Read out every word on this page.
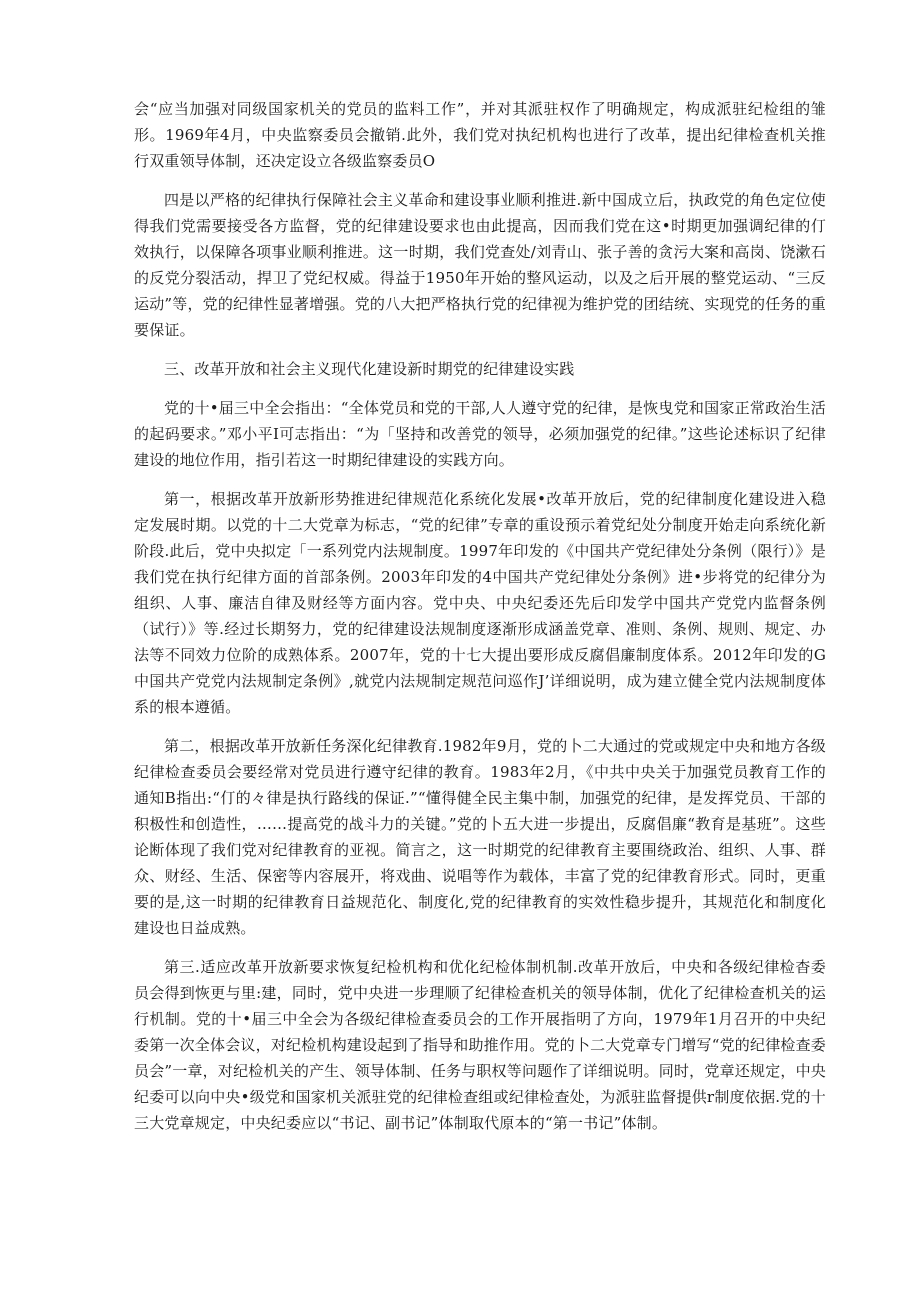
会“应当加强对同级国家机关的党员的监料工作”，并对其派驻权作了明确规定，构成派驻纪检组的雏形。1969年4月，中央监察委员会撤销.此外，我们党对执纪机构也进行了改革，提出纪律检查机关推行双重领导体制，还决定设立各级监察委员O

四是以严格的纪律执行保障社会主义革命和建设事业顺利推进.新中国成立后，执政党的角色定位使得我们党需要接受各方监督，党的纪律建设要求也由此提高，因而我们党在这•时期更加强调纪律的仃效执行，以保障各项事业顺利推进。这一时期，我们党查处/刘青山、张子善的贪污大案和高岗、饶漱石的反党分裂活动，捍卫了党纪权威。得益于1950年开始的整风运动，以及之后开展的整党运动、“三反运动”等，党的纪律性显著增强。党的八大把严格执行党的纪律视为维护党的团结统、实现党的任务的重要保证。

三、改革开放和社会主义现代化建设新时期党的纪律建设实践

党的十•届三中全会指出：“全体党员和党的干部,人人遵守党的纪律，是恢曳党和国家正常政治生活的起码要求。”邓小平I可志指出：“为「坚持和改善党的领导，必须加强党的纪律。”这些论述标识了纪律建设的地位作用，指引若这一时期纪律建设的实践方向。

第一，根据改革开放新形势推进纪律规范化系统化发展•改革开放后，党的纪律制度化建设进入稳定发展时期。以党的十二大党章为标志，“党的纪律”专章的重设预示着党纪处分制度开始走向系统化新阶段.此后，党中央拟定「一系列党内法规制度。1997年印发的《中国共产党纪律处分条例（限行）》是我们党在执行纪律方面的首部条例。2003年印发的4中国共产党纪律处分条例》进•步将党的纪律分为组织、人事、廉洁自律及财经等方面内容。党中央、中央纪委还先后印发学中国共产党党内监督条例（试行）》等.经过长期努力，党的纪律建设法规制度逐渐形成涵盖党章、准则、条例、规则、规定、办法等不同效力位阶的成熟体系。2007年，党的十七大提出要形成反腐倡廉制度体系。2012年印发的G中国共产党党内法规制定条例》,就党内法规制定规范问巡作J’详细说明，成为建立健全党内法规制度体系的根本遵循。

第二，根据改革开放新任务深化纪律教育.1982年9月，党的卜二大通过的党或规定中央和地方各级纪律检查委员会要经常对党员进行遵守纪律的教育。1983年2月，《中共中央关于加强党员教育工作的通知B指出:“仃的々律是执行路线的保证.”“懂得健全民主集中制，加强党的纪律，是发挥党员、干部的积极性和创造性，……提高党的战斗力的关键。”党的卜五大进一步提出，反腐倡廉“教育是基班”。这些论断体现了我们党对纪律教育的亚视。简言之，这一时期党的纪律教育主要围绕政治、组织、人事、群众、财经、生活、保密等内容展开，将戏曲、说唱等作为载体，丰富了党的纪律教育形式。同时，更重要的是,这一时期的纪律教育日益规范化、制度化,党的纪律教育的实效性稳步提升，其规范化和制度化建设也日益成熟。

第三.适应改革开放新要求恢复纪检机构和优化纪检体制机制.改革开放后，中央和各级纪律检杳委员会得到恢更与里:建，同时，党中央进一步理顺了纪律检查机关的领导体制，优化了纪律检查机关的运行机制。党的十•届三中全会为各级纪律检查委员会的工作开展指明了方向，1979年1月召开的中央纪委第一次全体会议，对纪检机构建设起到了指导和助推作用。党的卜二大党章专门增写“党的纪律检查委员会”一章，对纪检机关的产生、领导体制、任务与职权等问题作了详细说明。同时，党章还规定，中央纪委可以向中央•级党和国家机关派驻党的纪律检查组或纪律检查处，为派驻监督提供r制度依据.党的十三大党章规定，中央纪委应以“书记、副书记”体制取代原本的“第一书记”体制。
